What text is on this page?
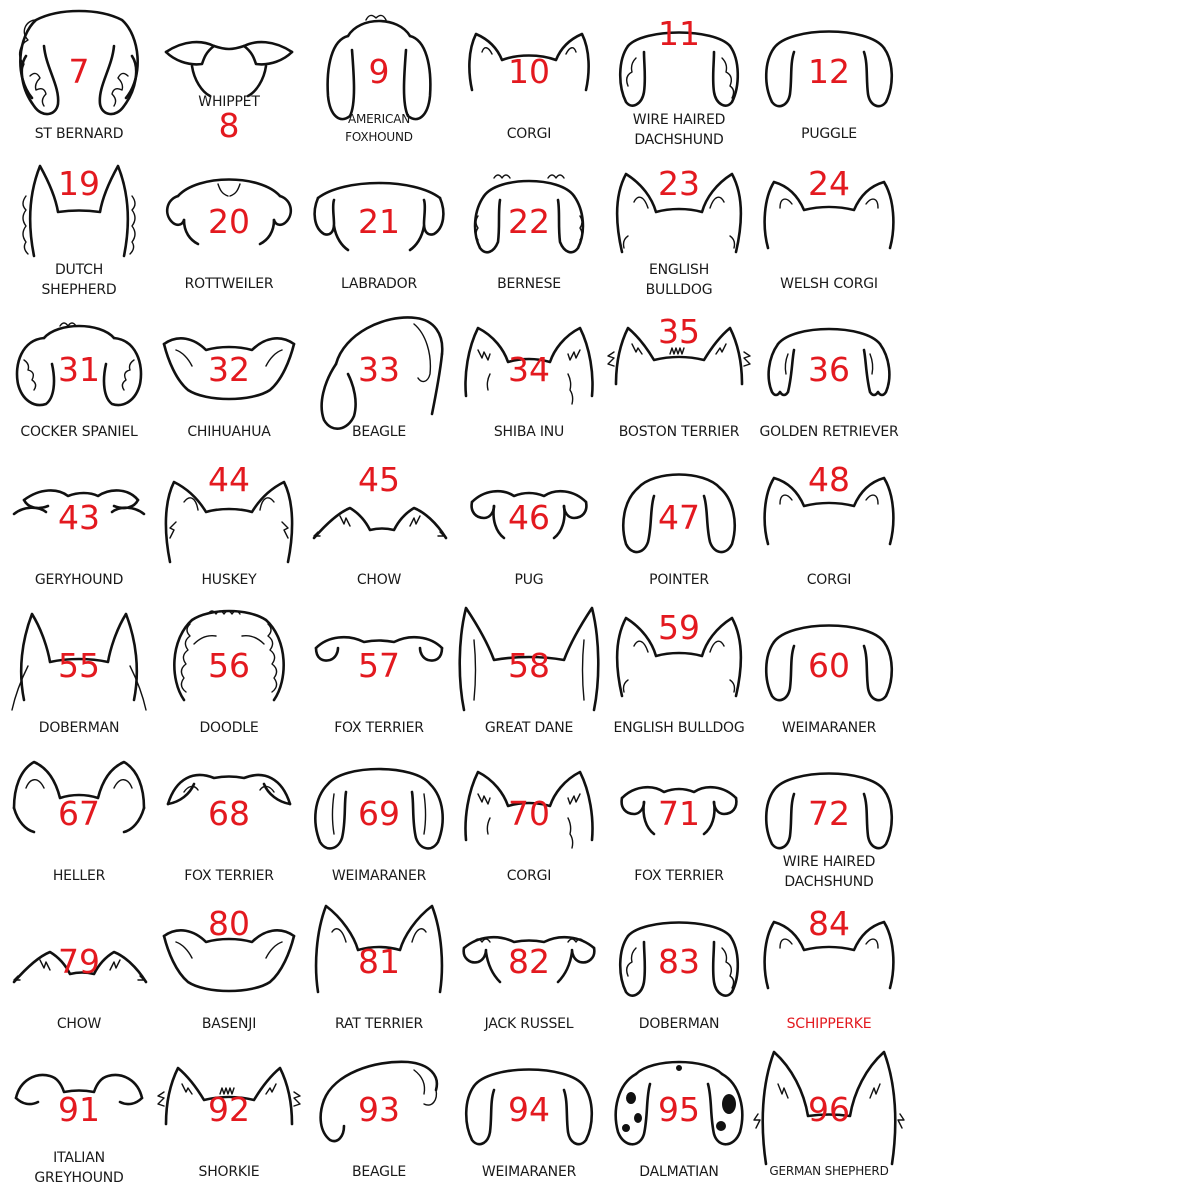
7
ST BERNARD	8
WHIPPET
9
AMERICAN FOXHOUND
10
CORGI
11
WIRE HAIRED DACHSHUND
12
PUGGLE
19
DUTCH SHEPHERD
20
ROTTWEILER
21
LABRADOR
22
BERNESE
23
ENGLISH BULLDOG
24
WELSH CORGI
31
COCKER SPANIEL
32
CHIHUAHUA
33
BEAGLE
34
SHIBA INU
35
BOSTON TERRIER
36
GOLDEN RETRIEVER
43
GERYHOUND
44
HUSKEY
45
CHOW
46
PUG
47
POINTER
48
CORGI
55
DOBERMAN
56
DOODLE
57
FOX TERRIER
58
GREAT DANE
59
ENGLISH BULLDOG
60
WEIMARANER
67
HELLER
68
FOX TERRIER
69
WEIMARANER
70
CORGI
71
FOX TERRIER
72
WIRE HAIRED DACHSHUND
79
CHOW
80
BASENJI
81
RAT TERRIER
82
JACK RUSSEL
83
DOBERMAN
84
SCHIPPERKE
91
ITALIAN GREYHOUND
92
SHORKIE
93
BEAGLE
94
WEIMARANER
95
DALMATIAN
96
GERMAN SHEPHERD
